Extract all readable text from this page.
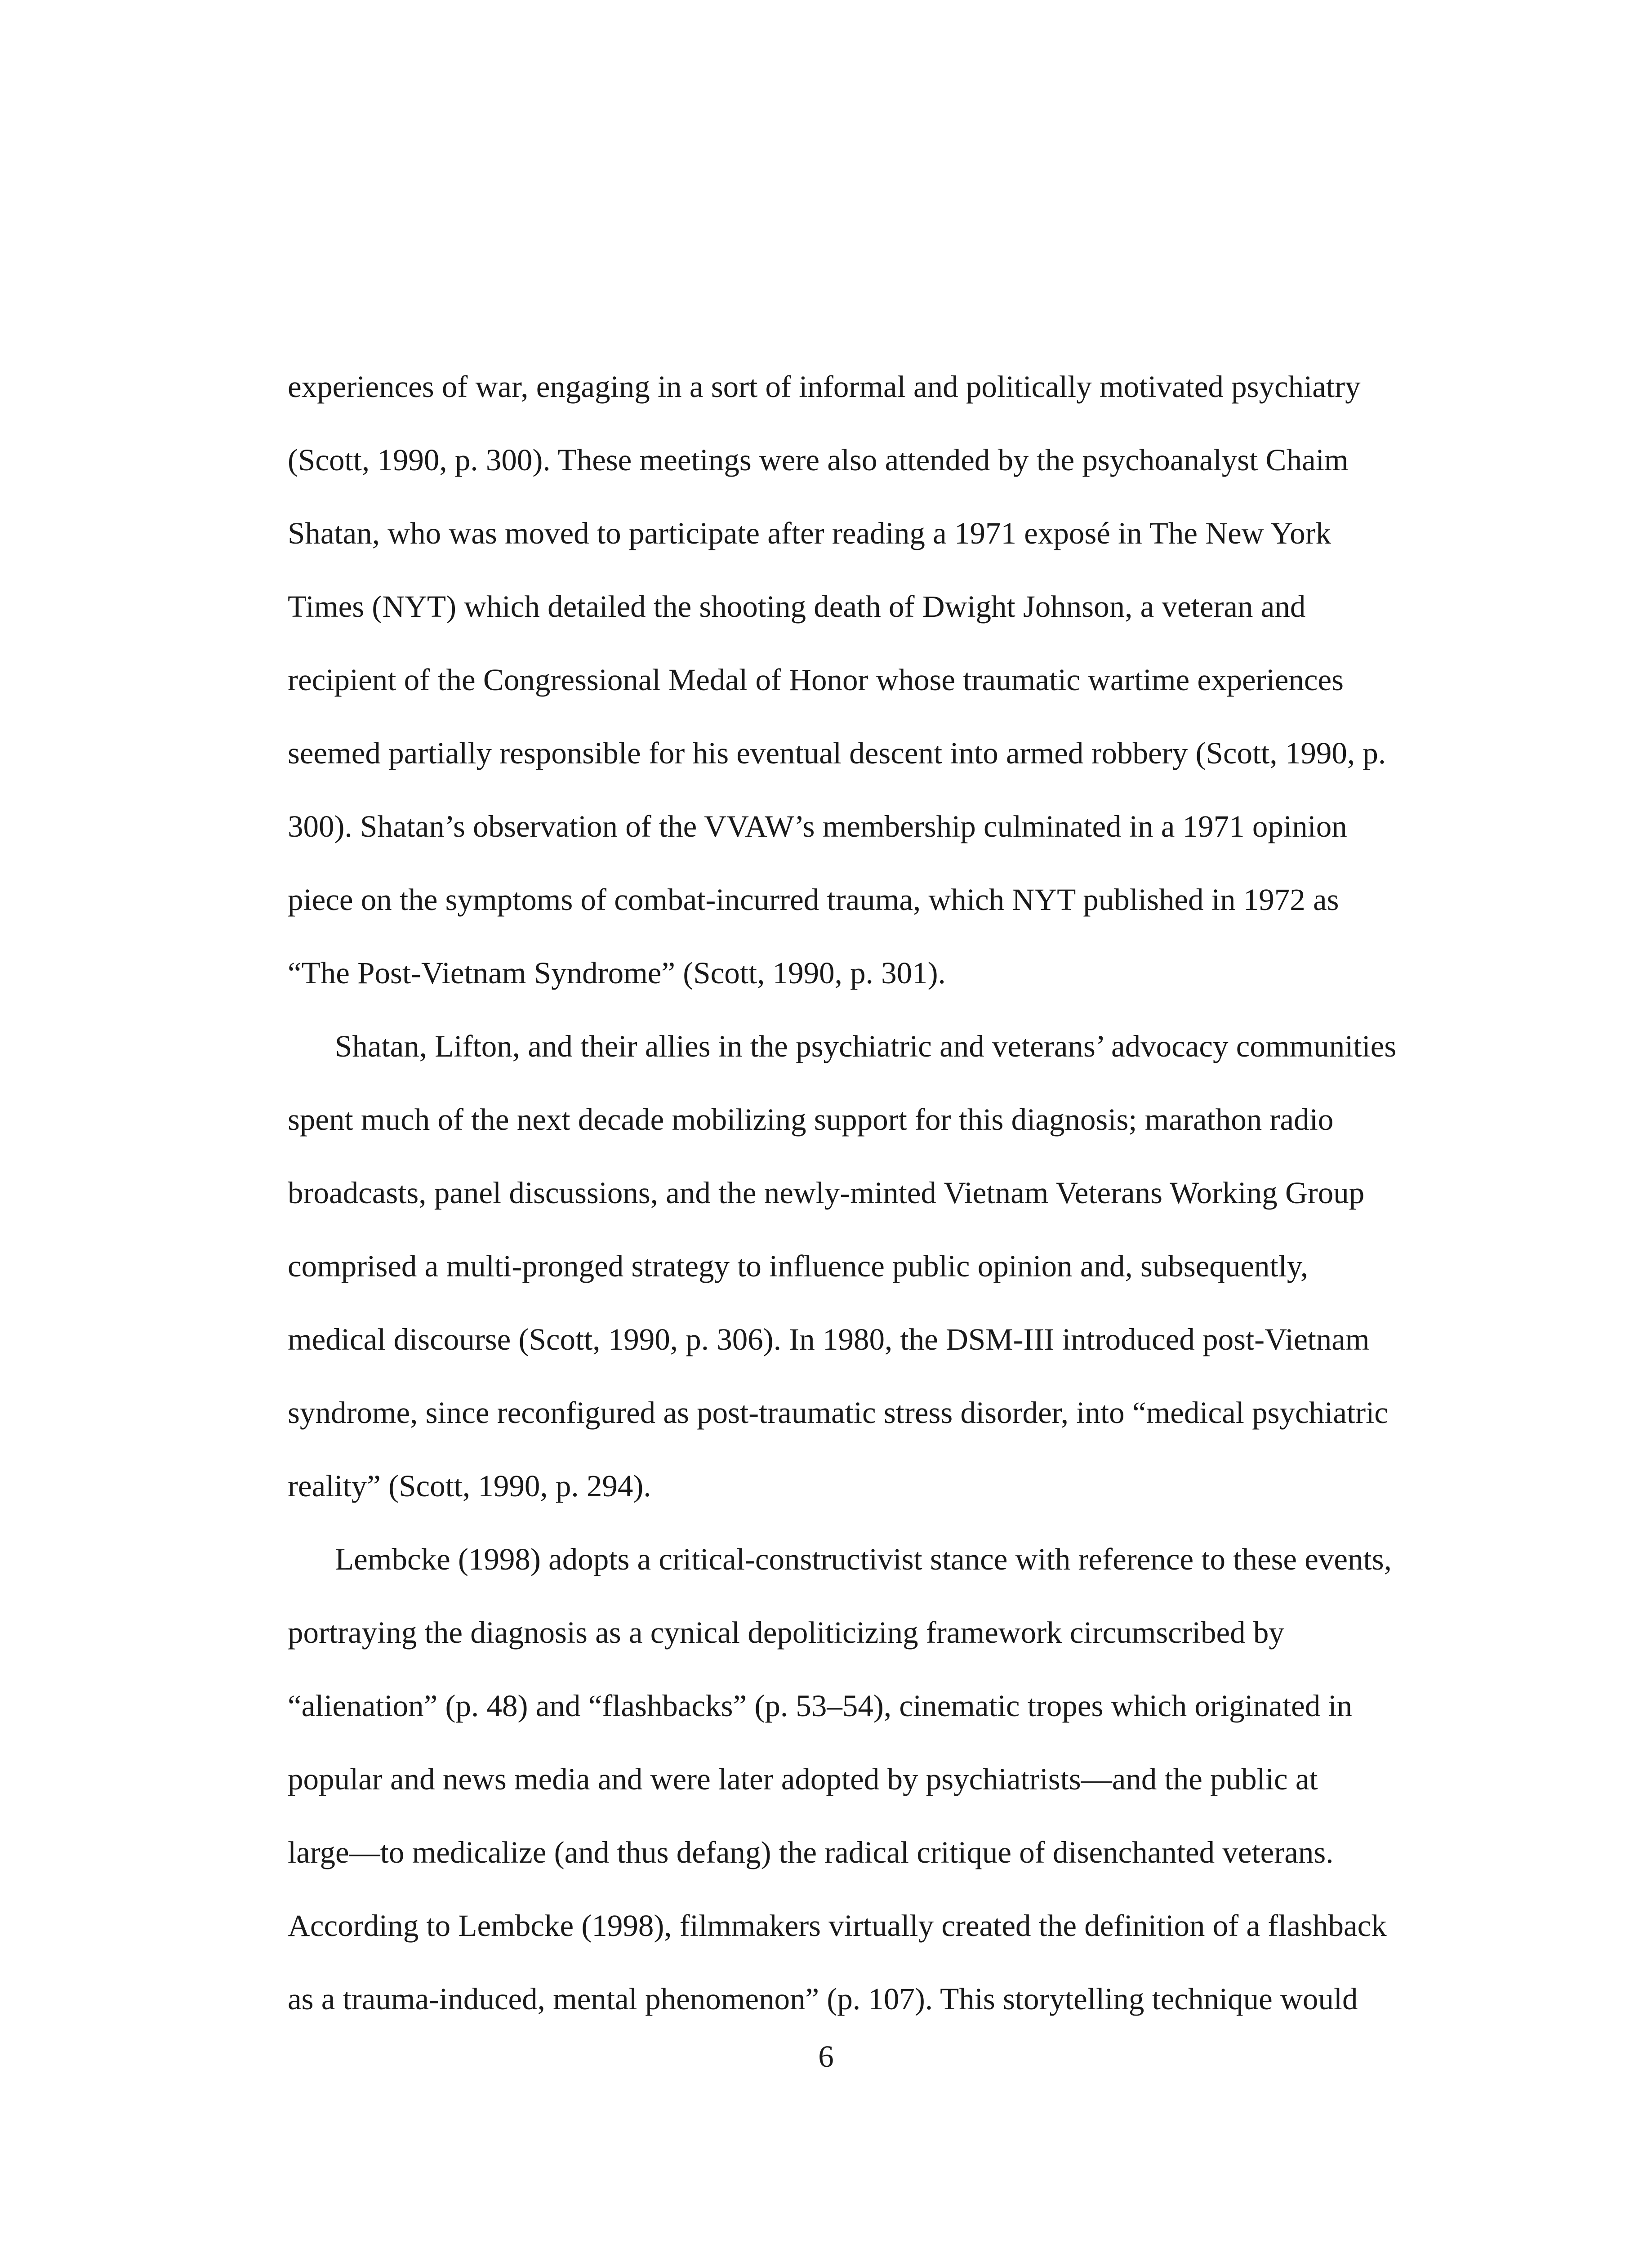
experiences of war, engaging in a sort of informal and politically motivated psychiatry
(Scott, 1990, p. 300). These meetings were also attended by the psychoanalyst Chaim
Shatan, who was moved to participate after reading a 1971 exposé in The New York
Times (NYT) which detailed the shooting death of Dwight Johnson, a veteran and
recipient of the Congressional Medal of Honor whose traumatic wartime experiences
seemed partially responsible for his eventual descent into armed robbery (Scott, 1990, p.
300). Shatan’s observation of the VVAW’s membership culminated in a 1971 opinion
piece on the symptoms of combat-incurred trauma, which NYT published in 1972 as
“The Post-Vietnam Syndrome” (Scott, 1990, p. 301).
Shatan, Lifton, and their allies in the psychiatric and veterans’ advocacy communities
spent much of the next decade mobilizing support for this diagnosis; marathon radio
broadcasts, panel discussions, and the newly-minted Vietnam Veterans Working Group
comprised a multi-pronged strategy to influence public opinion and, subsequently,
medical discourse (Scott, 1990, p. 306). In 1980, the DSM-III introduced post-Vietnam
syndrome, since reconfigured as post-traumatic stress disorder, into “medical psychiatric
reality” (Scott, 1990, p. 294).
Lembcke (1998) adopts a critical-constructivist stance with reference to these events,
portraying the diagnosis as a cynical depoliticizing framework circumscribed by
“alienation” (p. 48) and “flashbacks” (p. 53–54), cinematic tropes which originated in
popular and news media and were later adopted by psychiatrists—and the public at
large—to medicalize (and thus defang) the radical critique of disenchanted veterans.
According to Lembcke (1998), filmmakers virtually created the definition of a flashback
as a trauma-induced, mental phenomenon” (p. 107). This storytelling technique would
6
